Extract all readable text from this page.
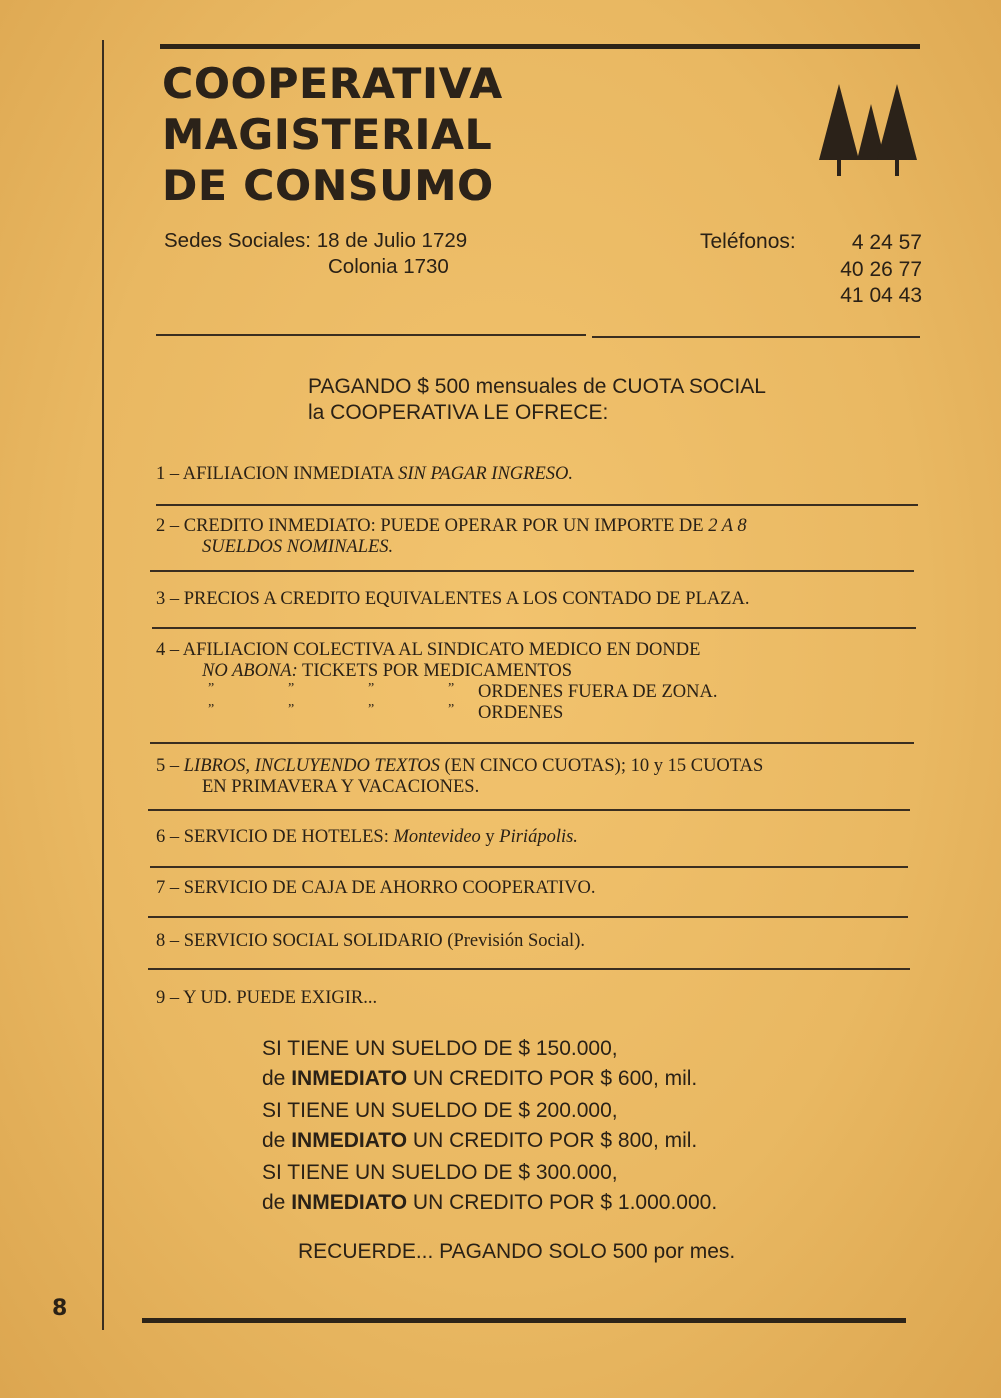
COOPERATIVA
MAGISTERIAL
DE CONSUMO
Sedes Sociales: 18 de Julio 1729
Colonia 1730
Teléfonos:	4 24 57
40 26 77
41 04 43
PAGANDO $ 500 mensuales de CUOTA SOCIAL
la COOPERATIVA LE OFRECE:
1 – AFILIACION INMEDIATA SIN PAGAR INGRESO.
2 – CREDITO INMEDIATO: PUEDE OPERAR POR UN IMPORTE DE 2 A 8
SUELDOS NOMINALES.
3 – PRECIOS A CREDITO EQUIVALENTES A LOS CONTADO DE PLAZA.
4 – AFILIACION COLECTIVA AL SINDICATO MEDICO EN DONDE
NO ABONA: TICKETS POR MEDICAMENTOS
”	”	”	” ORDENES FUERA DE ZONA.
”	”	”	” ORDENES
5 – LIBROS, INCLUYENDO TEXTOS (EN CINCO CUOTAS); 10 y 15 CUOTAS
EN PRIMAVERA Y VACACIONES.
6 – SERVICIO DE HOTELES: Montevideo y Piriápolis.
7 – SERVICIO DE CAJA DE AHORRO COOPERATIVO.
8 – SERVICIO SOCIAL SOLIDARIO (Previsión Social).
9 – Y UD. PUEDE EXIGIR...
SI TIENE UN SUELDO DE $ 150.000,
de INMEDIATO UN CREDITO POR $ 600, mil.
SI TIENE UN SUELDO DE $ 200.000,
de INMEDIATO UN CREDITO POR $ 800, mil.
SI TIENE UN SUELDO DE $ 300.000,
de INMEDIATO UN CREDITO POR $ 1.000.000.
RECUERDE... PAGANDO SOLO 500 por mes.
8
